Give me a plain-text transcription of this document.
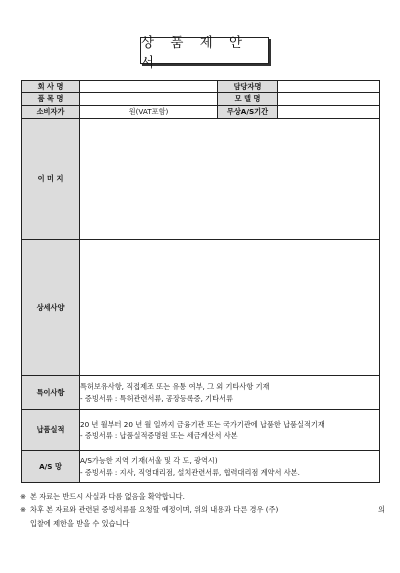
상 품 제 안 서
회 사 명		담당자명	
품 목 명		모 델 명	
소비자가	원(VAT포함)	무상A/S기간	
이 미 지			
상세사양			
특이사항	특허보유사항, 직접제조 또는 유통 여부, 그 외 기타사항 기재
- 증빙서류 : 특허관련서류, 공장등록증, 기타서류		

납품실적	20 년 월부터 20 년 월 일까지 금융기관 또는 국가기관에 납품한 납품실적기재
- 증빙서류 : 납품실적증명원 또는 세금계산서 사본		

A/S 망	A/S가능한 지역 기재(서울 및 각 도, 광역시)
- 증빙서류 : 지사, 직영대리점, 설치관련서류, 협력대리점 계약서 사본.		
※ 본 자료는 반드시 사실과 다름 없음을 확약합니다.
※ 차후 본 자료와 관련된 증빙서류를 요청할 예정이며, 위의 내용과 다른 경우 (주)	의
입찰에 제한을 받을 수 있습니다
